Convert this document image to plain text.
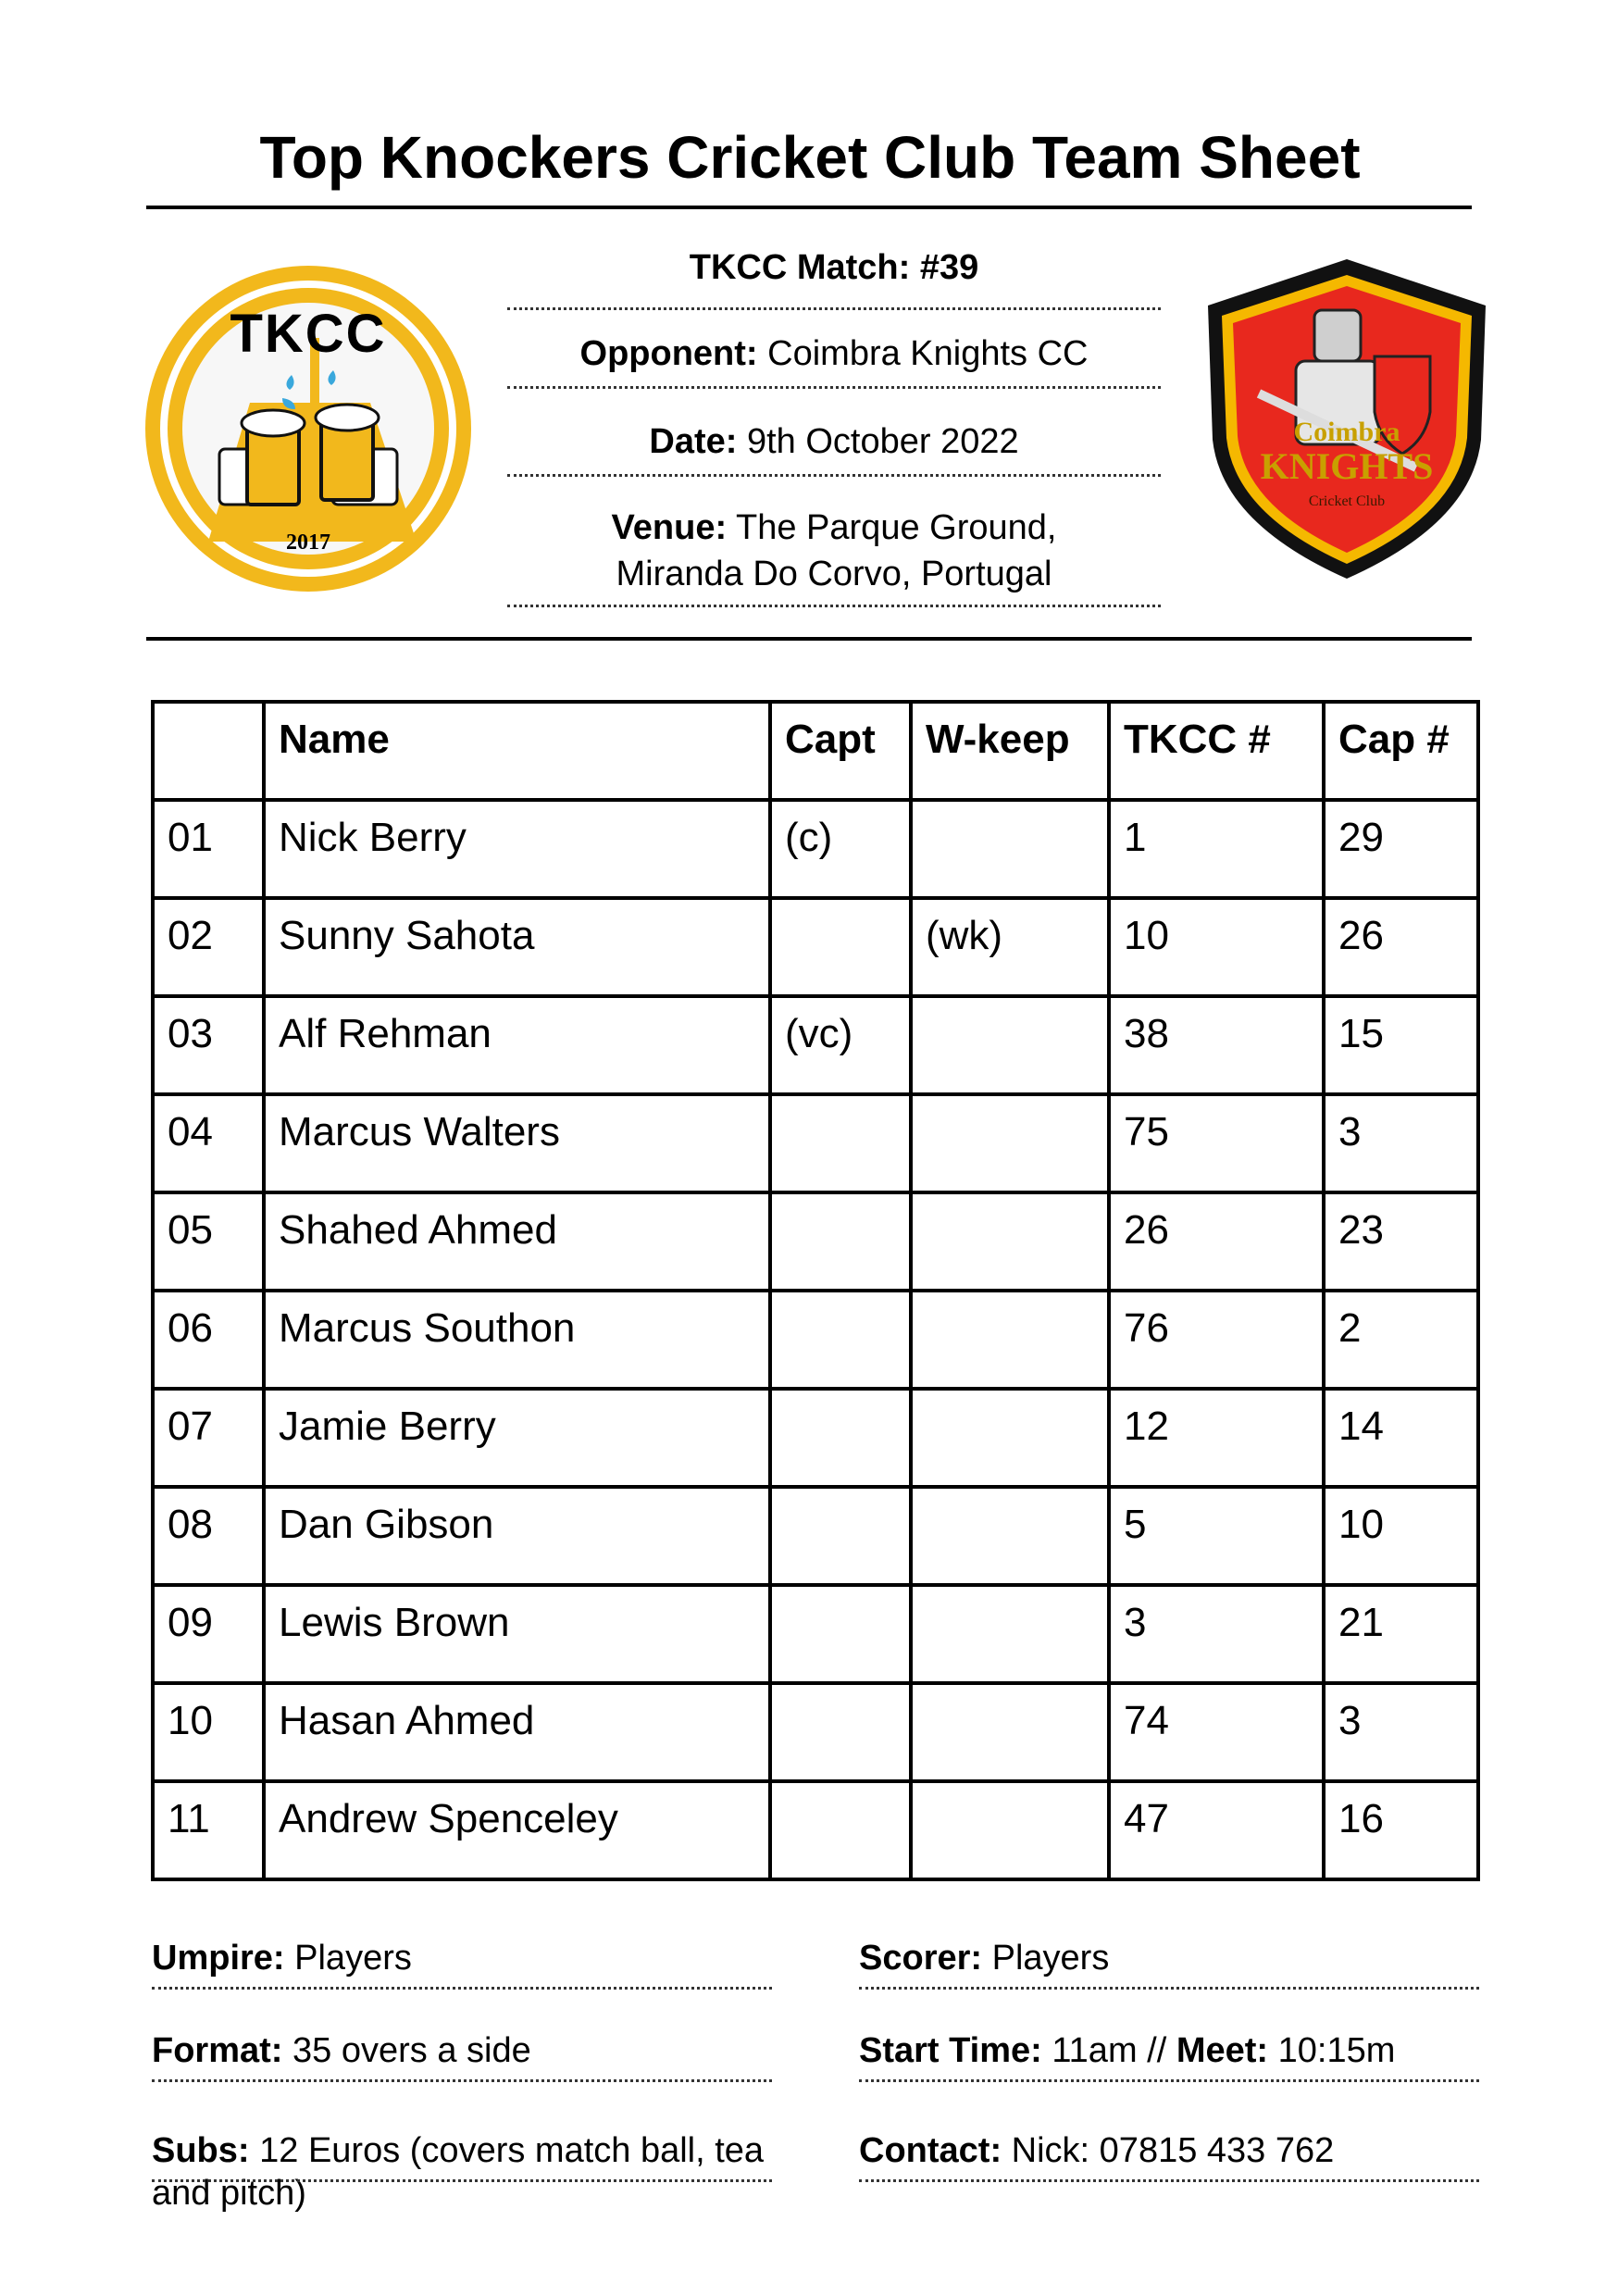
Top Knockers Cricket Club Team Sheet
TKCC
2017
TKCC Match: #39
Opponent: Coimbra Knights CC
Date: 9th October 2022
Venue: The Parque Ground,
Miranda Do Corvo, Portugal
Coimbra
KNIGHTS
Cricket Club
	Name	Capt	W-keep	TKCC #	Cap #
01	Nick Berry	(c)		1	29
02	Sunny Sahota		(wk)	10	26
03	Alf Rehman	(vc)		38	15
04	Marcus Walters			75	3
05	Shahed Ahmed			26	23
06	Marcus Southon			76	2
07	Jamie Berry			12	14
08	Dan Gibson			5	10
09	Lewis Brown			3	21
10	Hasan Ahmed			74	3
11	Andrew Spenceley			47	16
Umpire: Players	Scorer: Players
Format: 35 overs a side	Start Time: 11am // Meet: 10:15m
Subs: 12 Euros (covers match ball, tea and pitch)
Contact: Nick: 07815 433 762
